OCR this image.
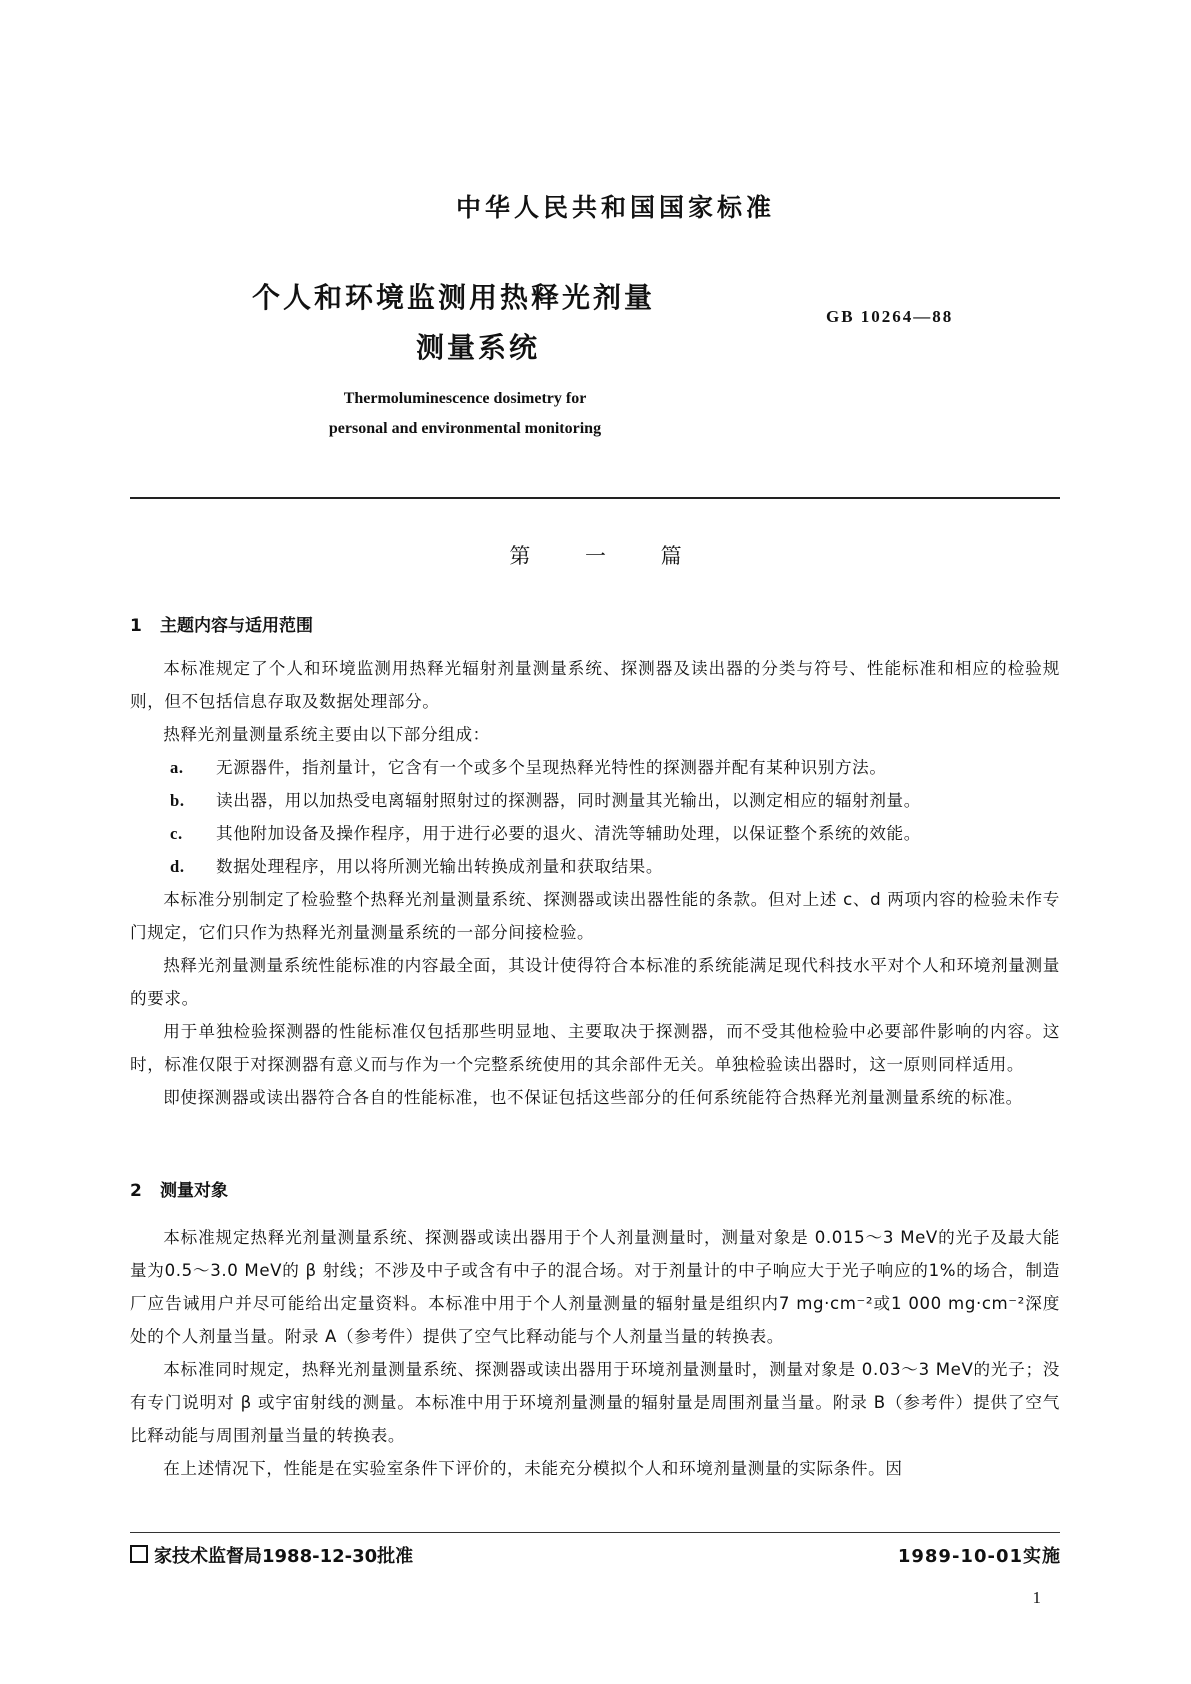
中华人民共和国国家标准
个人和环境监测用热释光剂量
测量系统
GB 10264—88
Thermoluminescence dosimetry for
personal and environmental monitoring
第 一 篇
1 主题内容与适用范围

本标准规定了个人和环境监测用热释光辐射剂量测量系统、探测器及读出器的分类与符号、性能标准和相应的检验规则，但不包括信息存取及数据处理部分。

热释光剂量测量系统主要由以下部分组成：

a. 无源器件，指剂量计，它含有一个或多个呈现热释光特性的探测器并配有某种识别方法。
b. 读出器，用以加热受电离辐射照射过的探测器，同时测量其光输出，以测定相应的辐射剂量。
c. 其他附加设备及操作程序，用于进行必要的退火、清洗等辅助处理，以保证整个系统的效能。
d. 数据处理程序，用以将所测光输出转换成剂量和获取结果。

本标准分别制定了检验整个热释光剂量测量系统、探测器或读出器性能的条款。但对上述 c、d 两项内容的检验未作专门规定，它们只作为热释光剂量测量系统的一部分间接检验。

热释光剂量测量系统性能标准的内容最全面，其设计使得符合本标准的系统能满足现代科技水平对个人和环境剂量测量的要求。

用于单独检验探测器的性能标准仅包括那些明显地、主要取决于探测器，而不受其他检验中必要部件影响的内容。这时，标准仅限于对探测器有意义而与作为一个完整系统使用的其余部件无关。单独检验读出器时，这一原则同样适用。

即使探测器或读出器符合各自的性能标准，也不保证包括这些部分的任何系统能符合热释光剂量测量系统的标准。

2 测量对象

本标准规定热释光剂量测量系统、探测器或读出器用于个人剂量测量时，测量对象是 0.015～3 MeV的光子及最大能量为0.5～3.0 MeV的 β 射线；不涉及中子或含有中子的混合场。对于剂量计的中子响应大于光子响应的1%的场合，制造厂应告诫用户并尽可能给出定量资料。本标准中用于个人剂量测量的辐射量是组织内7 mg·cm⁻²或1 000 mg·cm⁻²深度处的个人剂量当量。附录 A（参考件）提供了空气比释动能与个人剂量当量的转换表。

本标准同时规定，热释光剂量测量系统、探测器或读出器用于环境剂量测量时，测量对象是 0.03～3 MeV的光子；没有专门说明对 β 或宇宙射线的测量。本标准中用于环境剂量测量的辐射量是周围剂量当量。附录 B（参考件）提供了空气比释动能与周围剂量当量的转换表。

在上述情况下，性能是在实验室条件下评价的，未能充分模拟个人和环境剂量测量的实际条件。因

家技术监督局1988-12-30批准	1989-10-01实施
1
